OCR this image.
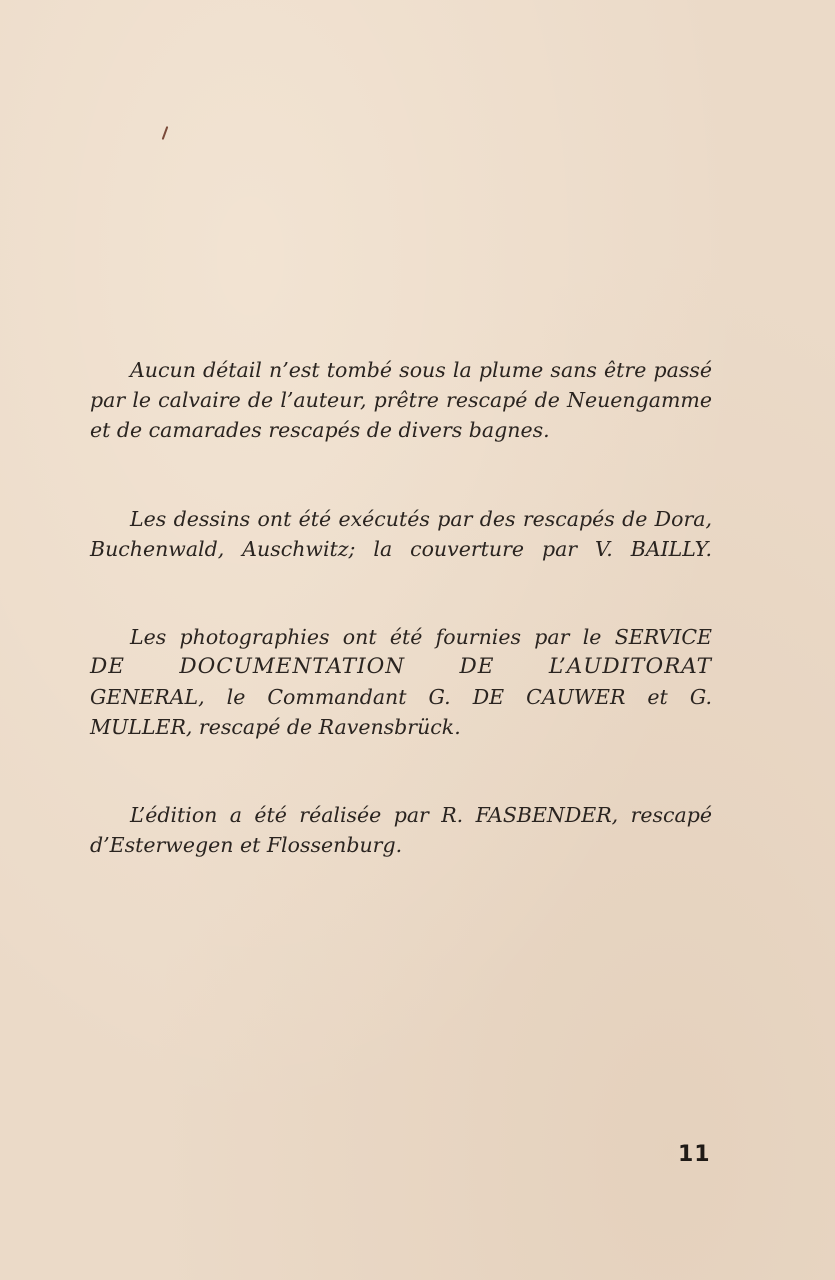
Aucun détail n’est tombé sous la plume sans être passé
par le calvaire de l’auteur, prêtre rescapé de Neuengamme
et de camarades rescapés de divers bagnes.

Les dessins ont été exécutés par des rescapés de Dora,
Buchenwald, Auschwitz; la couverture par V. BAILLY.

Les photographies ont été fournies par le SERVICE
DE DOCUMENTATION DE L’AUDITORAT
GENERAL, le Commandant G. DE CAUWER et G.
MULLER, rescapé de Ravensbrück.

L’édition a été réalisée par R. FASBENDER, rescapé
d’Esterwegen et Flossenburg.

11
